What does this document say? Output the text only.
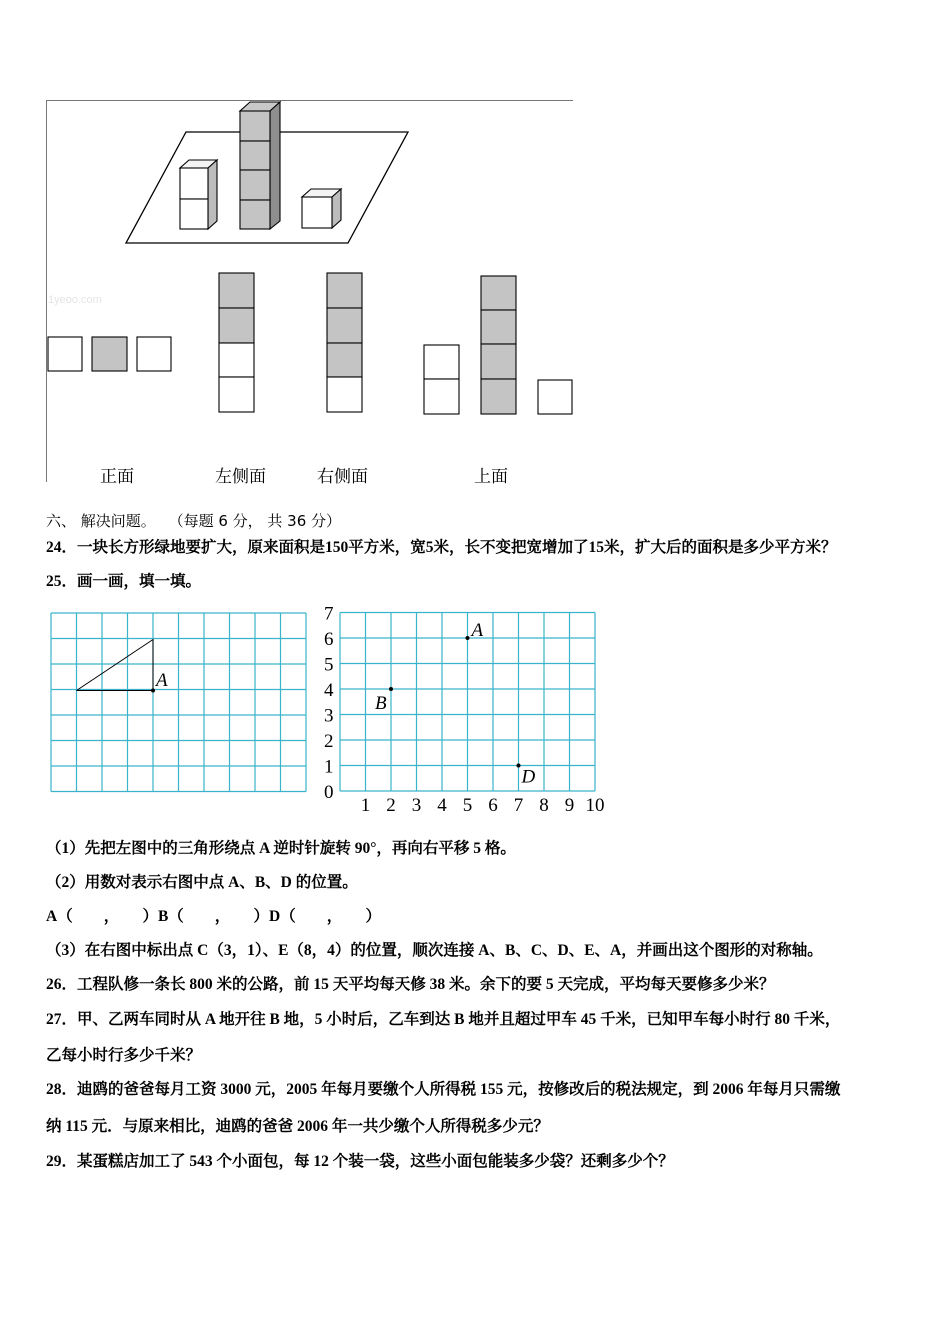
1yeoo.com
正面	左侧面	右侧面	上面
六、 解决问题。 （每题 6 分， 共 36 分）
24．一块长方形绿地要扩大，原来面积是150平方米，宽5米，长不变把宽增加了15米，扩大后的面积是多少平方米？
25．画一画，填一填。
A
0
1
2
3
4
5
6
7
1 2 3 4 5 6 7 8 9 10
A
B
D
（1）先把左图中的三角形绕点 A 逆时针旋转 90°，再向右平移 5 格。
（2）用数对表示右图中点 A、B、D 的位置。
A（　　，　　）B（　　，　　）D（　　，　　）
（3）在右图中标出点 C（3，1）、E（8，4）的位置，顺次连接 A、B、C、D、E、A，并画出这个图形的对称轴。
26．工程队修一条长 800 米的公路，前 15 天平均每天修 38 米。余下的要 5 天完成，平均每天要修多少米？
27．甲、乙两车同时从 A 地开往 B 地，5 小时后，乙车到达 B 地并且超过甲车 45 千米，已知甲车每小时行 80 千米，
乙每小时行多少千米？
28．迪鸥的爸爸每月工资 3000 元，2005 年每月要缴个人所得税 155 元，按修改后的税法规定，到 2006 年每月只需缴
纳 115 元．与原来相比，迪鸥的爸爸 2006 年一共少缴个人所得税多少元？
29．某蛋糕店加工了 543 个小面包，每 12 个装一袋，这些小面包能装多少袋？还剩多少个？
